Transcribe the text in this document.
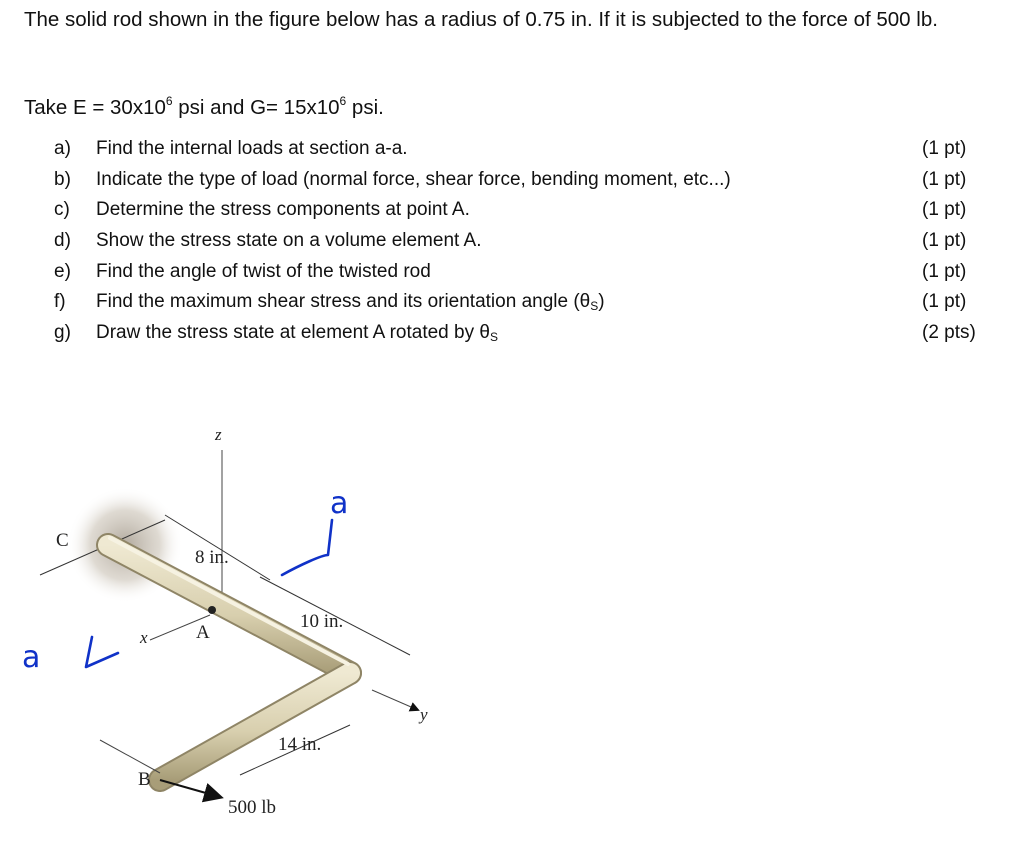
The solid rod shown in the figure below has a radius of 0.75 in. If it is subjected to the force of 500 lb.
Take $E = 30x10^6$ psi and $G= 15x10^6$ psi.
a) Find the internal loads at section a-a.	(1 pt)
b) Indicate the type of load (normal force, shear force, bending moment, etc...)	(1 pt)
c) Determine the stress components at point A.	(1 pt)
d) Show the stress state on a volume element A.	(1 pt)
e) Find the angle of twist of the twisted rod	(1 pt)
f) Find the maximum shear stress and its orientation angle $(\theta_S)$	(1 pt)
g) Draw the stress state at element A rotated by $\theta_S$	(2 pts)
z
x
y
A
C
B
8 in.
10 in.
14 in.
500 lb
a
a
